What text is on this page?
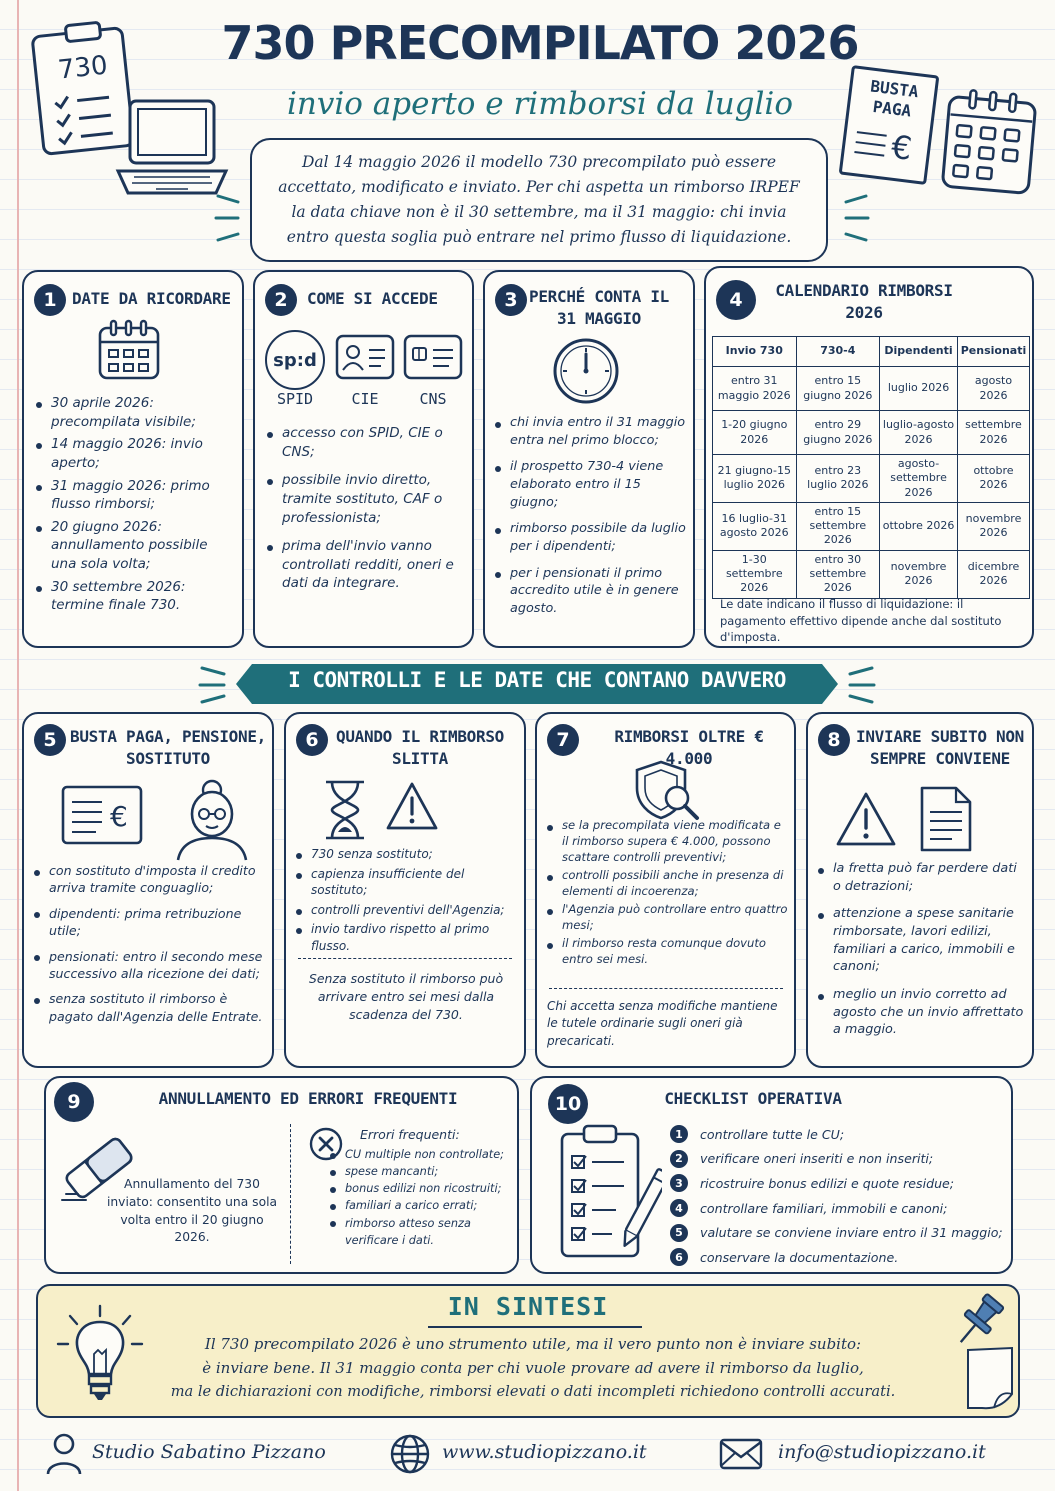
730	730 PRECOMPILATO 2026
invio aperto e rimborsi da luglio	BUSTA PAGA
€
Dal 14 maggio 2026 il modello 730 precompilato può essere accettato, modificato e inviato. Per chi aspetta un rimborso IRPEF la data chiave non è il 30 settembre, ma il 31 maggio: chi invia entro questa soglia può entrare nel primo flusso di liquidazione.
1 DATE DA RICORDARE
30 aprile 2026: precompilata visibile;
14 maggio 2026: invio aperto;
31 maggio 2026: primo flusso rimborsi;
20 giugno 2026: annullamento possibile una sola volta;
30 settembre 2026: termine finale 730.
2	COME SI ACCEDE
sp:d
SPID	CIE	CNS
accesso con SPID, CIE o CNS;
possibile invio diretto, tramite sostituto, CAF o professionista;
prima dell'invio vanno controllati redditi, oneri e dati da integrare.
3 PERCHÉ CONTA IL 31 MAGGIO
chi invia entro il 31 maggio entra nel primo blocco;
il prospetto 730-4 viene elaborato entro il 15 giugno;
rimborso possibile da luglio per i dipendenti;
per i pensionati il primo accredito utile è in genere agosto.
4	CALENDARIO RIMBORSI 2026
Invio 730	730-4	Dipendenti	Pensionati
entro 31 maggio 2026	entro 15 giugno 2026	luglio 2026	agosto 2026
1-20 giugno 2026	entro 29 giugno 2026	luglio-agosto 2026	settembre 2026
21 giugno-15 luglio 2026	entro 23 luglio 2026	agosto-settembre 2026	ottobre 2026
16 luglio-31 agosto 2026	entro 15 settembre 2026	ottobre 2026	novembre 2026
1-30 settembre 2026	entro 30 settembre 2026	novembre 2026	dicembre 2026
Le date indicano il flusso di liquidazione: il pagamento effettivo dipende anche dal sostituto d'imposta.
I CONTROLLI E LE DATE CHE CONTANO DAVVERO
5 BUSTA PAGA, PENSIONE, SOSTITUTO
€
con sostituto d'imposta il credito arriva tramite conguaglio;
dipendenti: prima retribuzione utile;
pensionati: entro il secondo mese successivo alla ricezione dei dati;
senza sostituto il rimborso è pagato dall'Agenzia delle Entrate.
6	QUANDO IL RIMBORSO SLITTA
730 senza sostituto;
capienza insufficiente del sostituto;
controlli preventivi dell'Agenzia;
invio tardivo rispetto al primo flusso.
Senza sostituto il rimborso può arrivare entro sei mesi dalla scadenza del 730.
7	RIMBORSI OLTRE € 4.000
se la precompilata viene modificata e il rimborso supera € 4.000, possono scattare controlli preventivi;
controlli possibili anche in presenza di elementi di incoerenza;
l'Agenzia può controllare entro quattro mesi;
il rimborso resta comunque dovuto entro sei mesi.
Chi accetta senza modifiche mantiene le tutele ordinarie sugli oneri già precaricati.
8 INVIARE SUBITO NON SEMPRE CONVIENE
la fretta può far perdere dati o detrazioni;
attenzione a spese sanitarie rimborsate, lavori edilizi, familiari a carico, immobili e canoni;
meglio un invio corretto ad agosto che un invio affrettato a maggio.
9	ANNULLAMENTO ED ERRORI FREQUENTI
Annullamento del 730 inviato: consentito una sola volta entro il 20 giugno 2026.
Errori frequenti:
CU multiple non controllate;
spese mancanti;
bonus edilizi non ricostruiti;
familiari a carico errati;
rimborso atteso senza verificare i dati.
10	CHECKLIST OPERATIVA
1	controllare tutte le CU;
2	verificare oneri inseriti e non inseriti;
3	ricostruire bonus edilizi e quote residue;
4	controllare familiari, immobili e canoni;
5	valutare se conviene inviare entro il 31 maggio;
6	conservare la documentazione.
IN SINTESI
Il 730 precompilato 2026 è uno strumento utile, ma il vero punto non è inviare subito:
è inviare bene. Il 31 maggio conta per chi vuole provare ad avere il rimborso da luglio,
ma le dichiarazioni con modifiche, rimborsi elevati o dati incompleti richiedono controlli accurati.
Studio Sabatino Pizzano	www.studiopizzano.it	info@studiopizzano.it
